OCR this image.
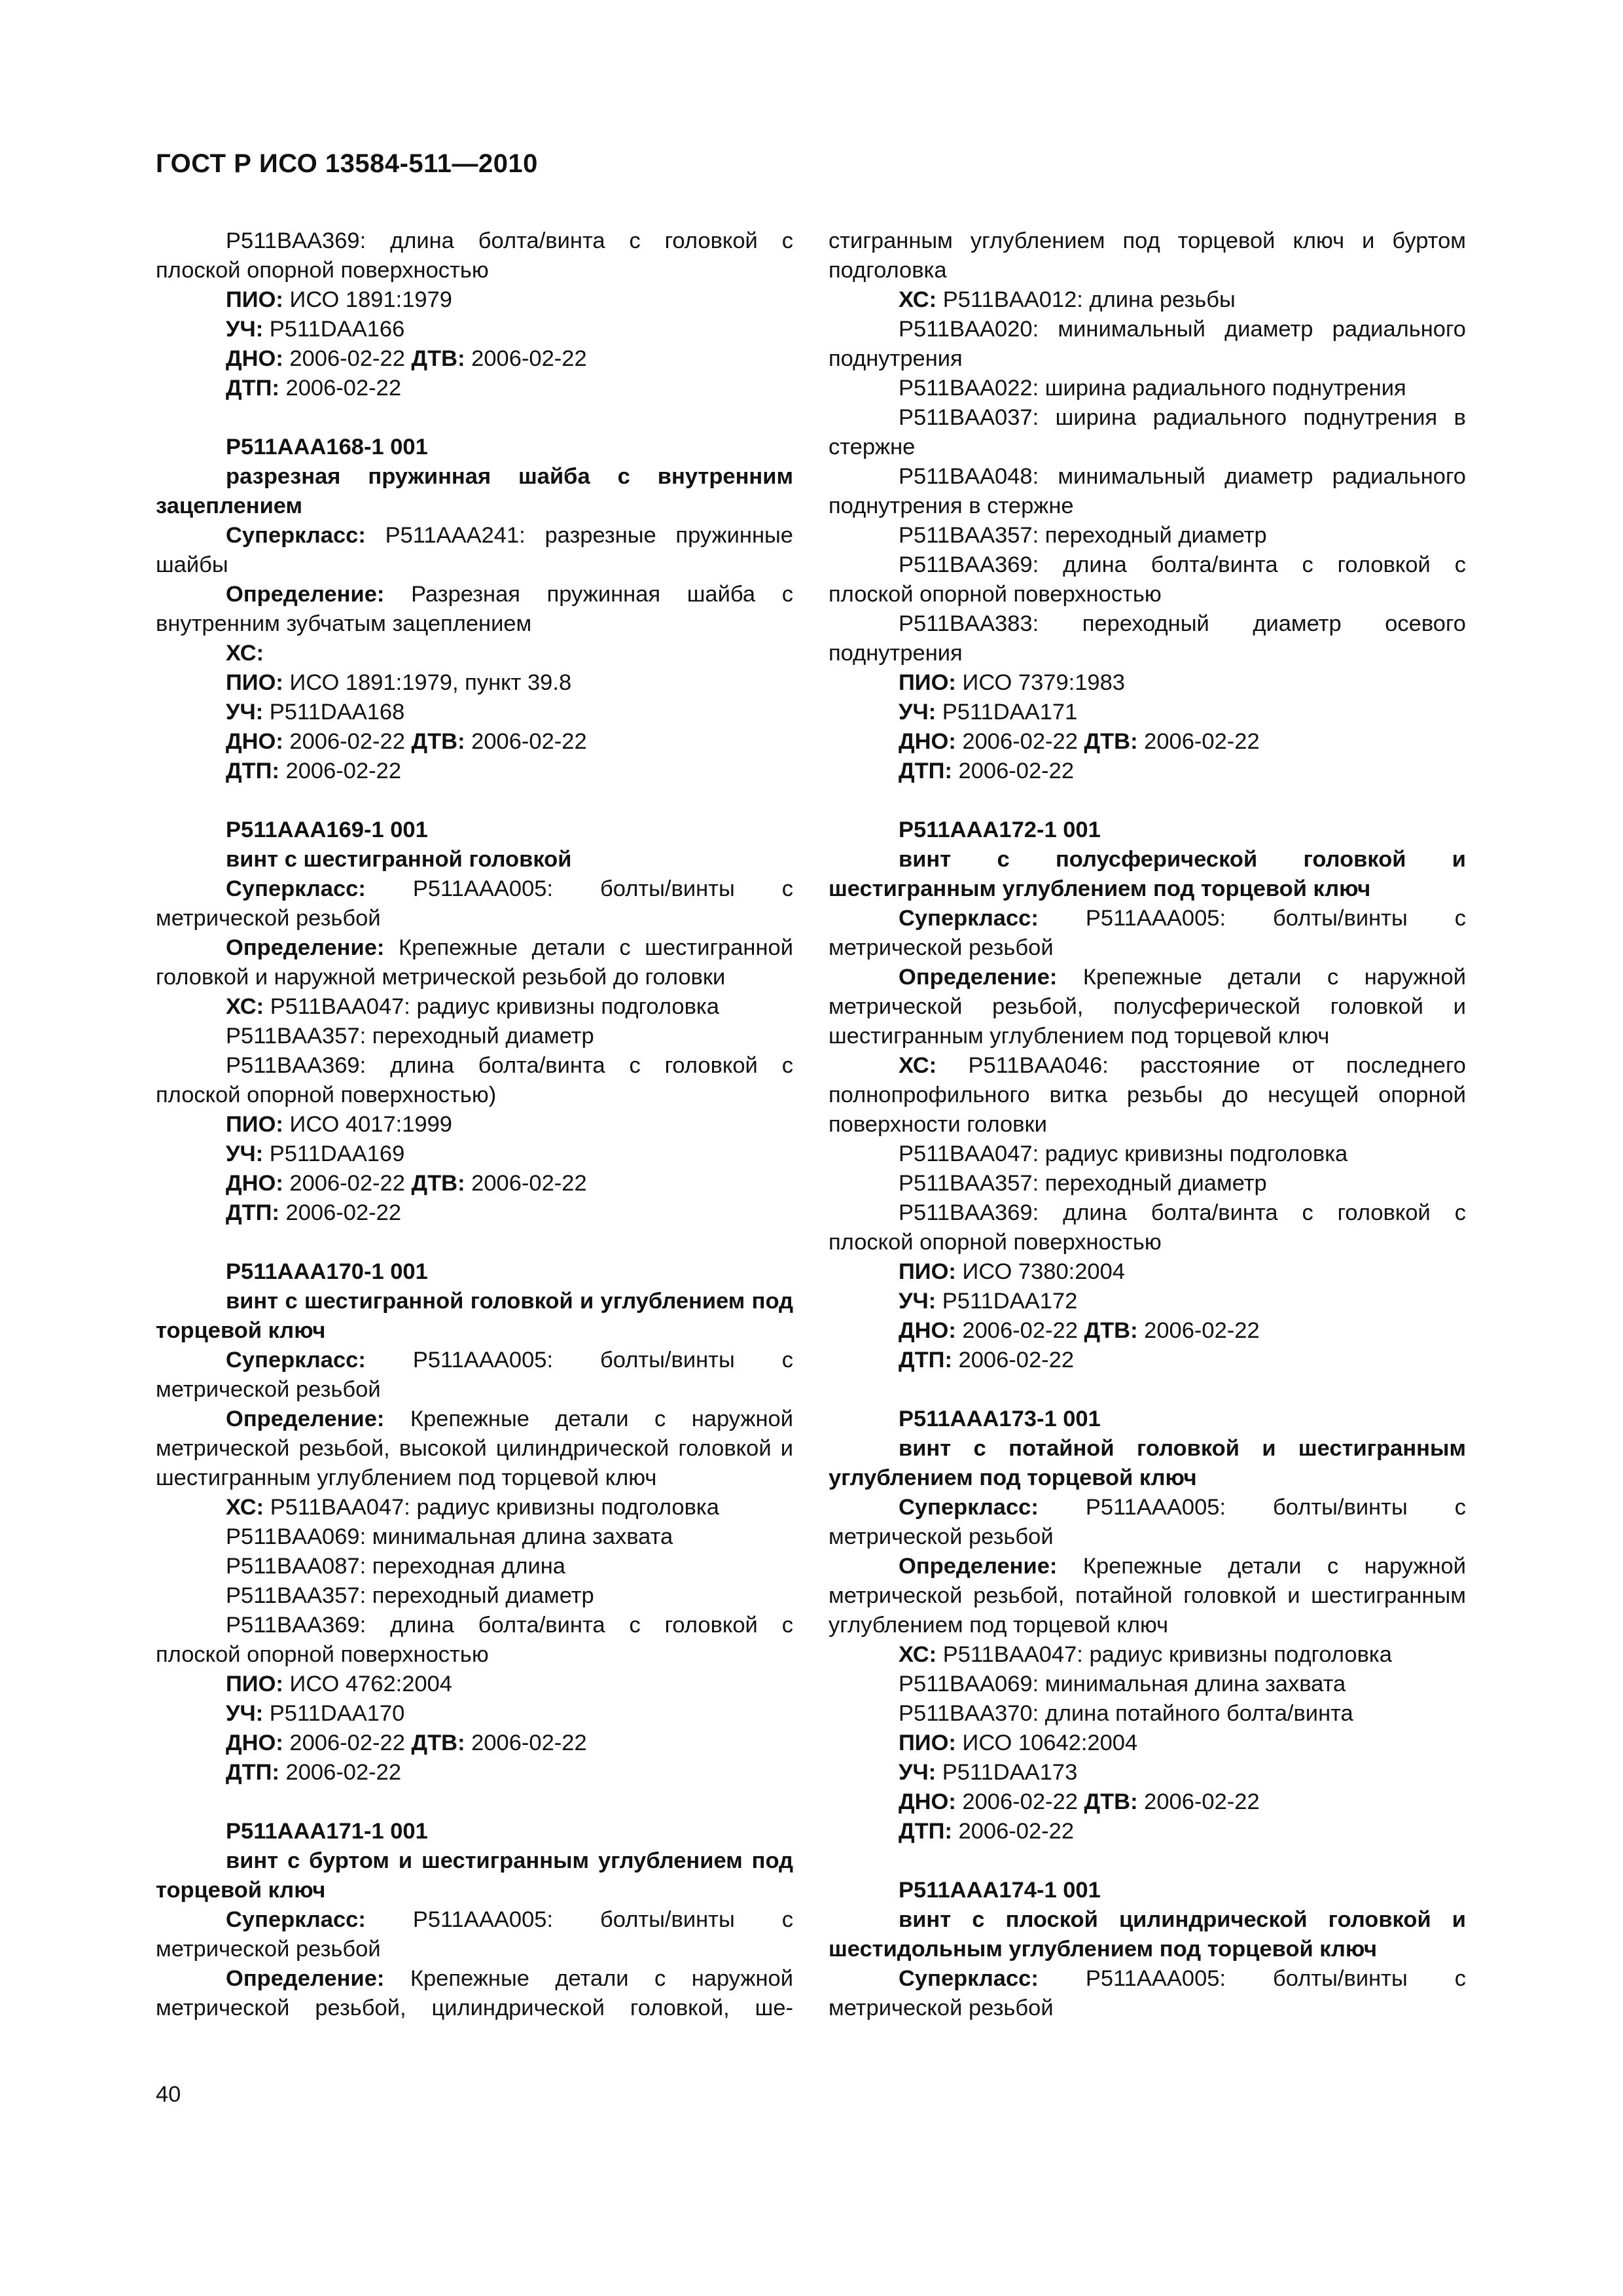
ГОСТ Р ИСО 13584-511—2010

P511BAA369: длина болта/винта с головкой с плоской опорной поверхностью

ПИО: ИСО 1891:1979

УЧ: P511DAA166

ДНО: 2006-02-22 ДТВ: 2006-02-22

ДТП: 2006-02-22

P511AAA168-1 001

разрезная пружинная шайба с внутренним зацеплением

Суперкласс: P511AAA241: разрезные пружинные шайбы

Определение: Разрезная пружинная шайба с внутренним зубчатым зацеплением

ХС:

ПИО: ИСО 1891:1979, пункт 39.8

УЧ: P511DAA168

ДНО: 2006-02-22 ДТВ: 2006-02-22

ДТП: 2006-02-22

P511AAA169-1 001

винт с шестигранной головкой

Суперкласс: P511AAA005: болты/винты с метрической резьбой

Определение: Крепежные детали с шестигранной головкой и наружной метрической резьбой до головки

ХС: P511BAA047: радиус кривизны подголовка

P511BAA357: переходный диаметр

P511BAA369: длина болта/винта с головкой с плоской опорной поверхностью)

ПИО: ИСО 4017:1999

УЧ: P511DAA169

ДНО: 2006-02-22 ДТВ: 2006-02-22

ДТП: 2006-02-22

P511AAA170-1 001

винт с шестигранной головкой и углублением под торцевой ключ

Суперкласс: P511AAA005: болты/винты с метрической резьбой

Определение: Крепежные детали с наружной метрической резьбой, высокой цилиндрической головкой и шестигранным углублением под торцевой ключ

ХС: P511BAA047: радиус кривизны подголовка

P511BAA069: минимальная длина захвата

P511BAA087: переходная длина

P511BAA357: переходный диаметр

P511BAA369: длина болта/винта с головкой с плоской опорной поверхностью

ПИО: ИСО 4762:2004

УЧ: P511DAA170

ДНО: 2006-02-22 ДТВ: 2006-02-22

ДТП: 2006-02-22

P511AAA171-1 001

винт с буртом и шестигранным углублением под торцевой ключ

Суперкласс: P511AAA005: болты/винты с метрической резьбой

Определение: Крепежные детали с наружной метрической резьбой, цилиндрической головкой, ше-

стигранным углублением под торцевой ключ и буртом подголовка

ХС: P511BAA012: длина резьбы

P511BAA020: минимальный диаметр радиального поднутрения

P511BAA022: ширина радиального поднутрения

P511BAA037: ширина радиального поднутрения в стержне

P511BAA048: минимальный диаметр радиального поднутрения в стержне

P511BAA357: переходный диаметр

P511BAA369: длина болта/винта с головкой с плоской опорной поверхностью

P511BAA383: переходный диаметр осевого поднутрения

ПИО: ИСО 7379:1983

УЧ: P511DAA171

ДНО: 2006-02-22 ДТВ: 2006-02-22

ДТП: 2006-02-22

P511AAA172-1 001

винт с полусферической головкой и шестигранным углублением под торцевой ключ

Суперкласс: P511AAA005: болты/винты с метрической резьбой

Определение: Крепежные детали с наружной метрической резьбой, полусферической головкой и шестигранным углублением под торцевой ключ

ХС: P511BAA046: расстояние от последнего полнопрофильного витка резьбы до несущей опорной поверхности головки

P511BAA047: радиус кривизны подголовка

P511BAA357: переходный диаметр

P511BAA369: длина болта/винта с головкой с плоской опорной поверхностью

ПИО: ИСО 7380:2004

УЧ: P511DAA172

ДНО: 2006-02-22 ДТВ: 2006-02-22

ДТП: 2006-02-22

P511AAA173-1 001

винт с потайной головкой и шестигранным углублением под торцевой ключ

Суперкласс: P511AAA005: болты/винты с метрической резьбой

Определение: Крепежные детали с наружной метрической резьбой, потайной головкой и шестигранным углублением под торцевой ключ

ХС: P511BAA047: радиус кривизны подголовка

P511BAA069: минимальная длина захвата

P511BAA370: длина потайного болта/винта

ПИО: ИСО 10642:2004

УЧ: P511DAA173

ДНО: 2006-02-22 ДТВ: 2006-02-22

ДТП: 2006-02-22

P511AAA174-1 001

винт с плоской цилиндрической головкой и шестидольным углублением под торцевой ключ

Суперкласс: P511AAA005: болты/винты с метрической резьбой

40
